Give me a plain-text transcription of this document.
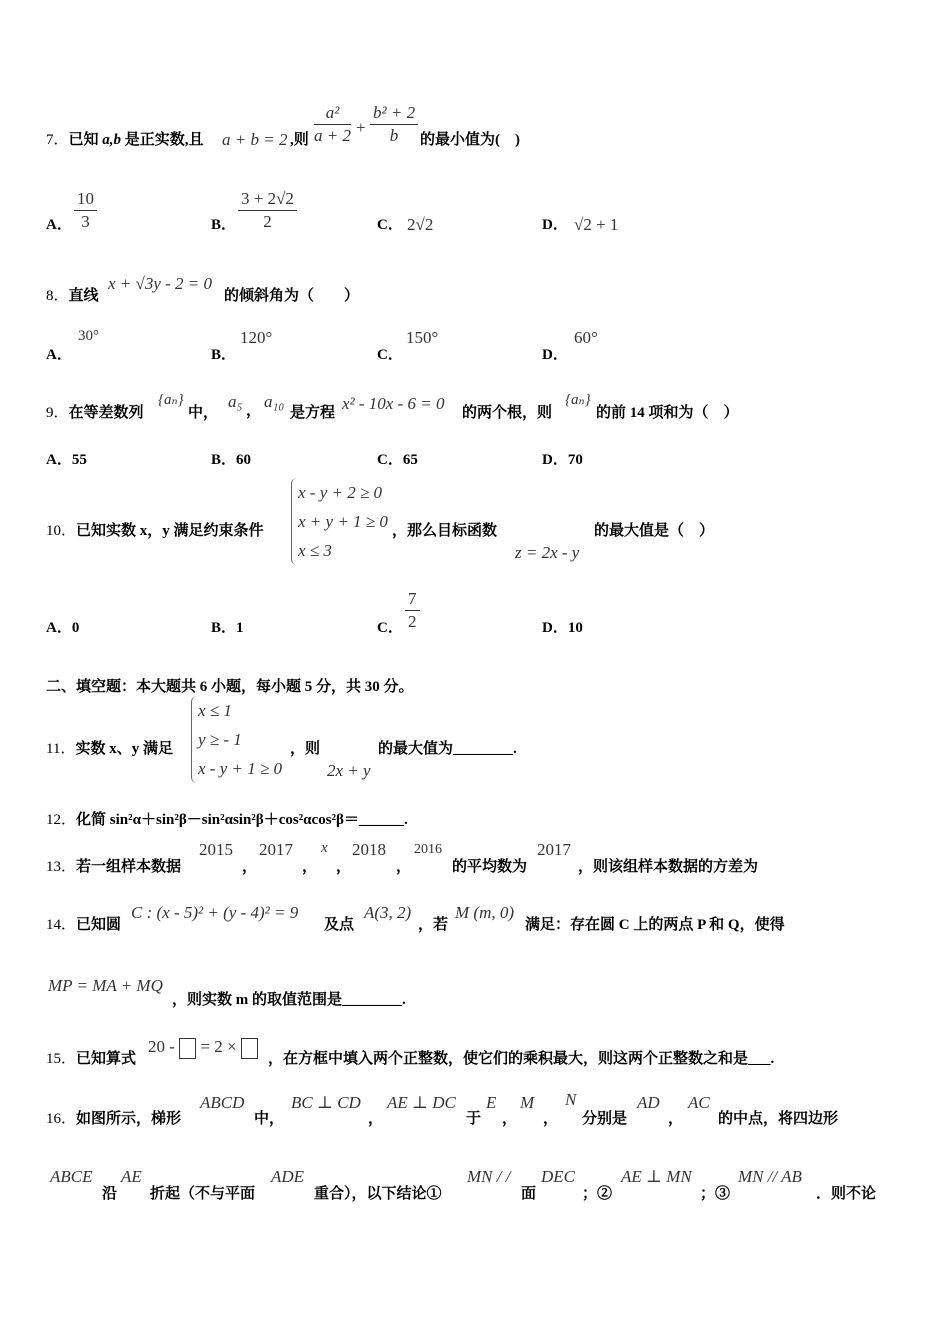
7．已知 a,b 是正实数,且 a + b = 2 ,则 $\frac{\text{a²}}{a + 2} + \frac{\text{b² + 2}}{b}$ 的最小值为(　)
A． $\frac{10}{3}$	B． $\frac{3 + 2√2}{2}$	C． 2√2	D． √2 + 1
8．直线
x + √3y - 2 = 0
的倾斜角为（　　）
A．
30°
B．
120°
C．
150°
D．
60°
9．在等差数列
{aₙ}
中，
a₅ ， a₁₀
是方程 x² - 10x - 6 = 0 的两个根，则
{aₙ}
的前 14 项和为（　）
A．55	B．60	C．65	D．70
10．已知实数 x，y 满足约束条件
x - y + 2 ≥ 0
x + y + 1 ≥ 0
x ≤ 3
，那么目标函数	的最大值是（　）
z = 2x - y
A．0	B．1	C． $\frac{7}{2}$	D．10
二、填空题：本大题共 6 小题，每小题 5 分，共 30 分。
11．实数 x、y 满足
x ≤ 1
y ≥ - 1
x - y + 1 ≥ 0
，则	的最大值为________.
2x + y
12．化简 sin²α＋sin²β－sin²αsin²β＋cos²αcos²β＝______.
13．若一组样本数据
2015
，
2017
，
x
，
2018
，
2016
的平均数为
2017
，则该组样本数据的方差为
14．已知圆
C : (x - 5)² + (y - 4)² = 9
及点
A(3, 2)
，若
M (m, 0)
满足：存在圆 C 上的两点 P 和 Q，使得
MP = MA + MQ
，则实数 m 的取值范围是________.
15．已知算式
20 - = 2 ×
，在方框中填入两个正整数，使它们的乘积最大，则这两个正整数之和是___.
16．如图所示，梯形
ABCD
中，
BC ⊥ CD
，
AE ⊥ DC
于
E
，
M
，
N
分别是
AD
，
AC
的中点，将四边形
ABCE
沿
AE
折起（不与平面
ADE
重合），以下结论①
MN / /
面
DEC
；②
AE ⊥ MN
；③
MN // AB
．则不论
